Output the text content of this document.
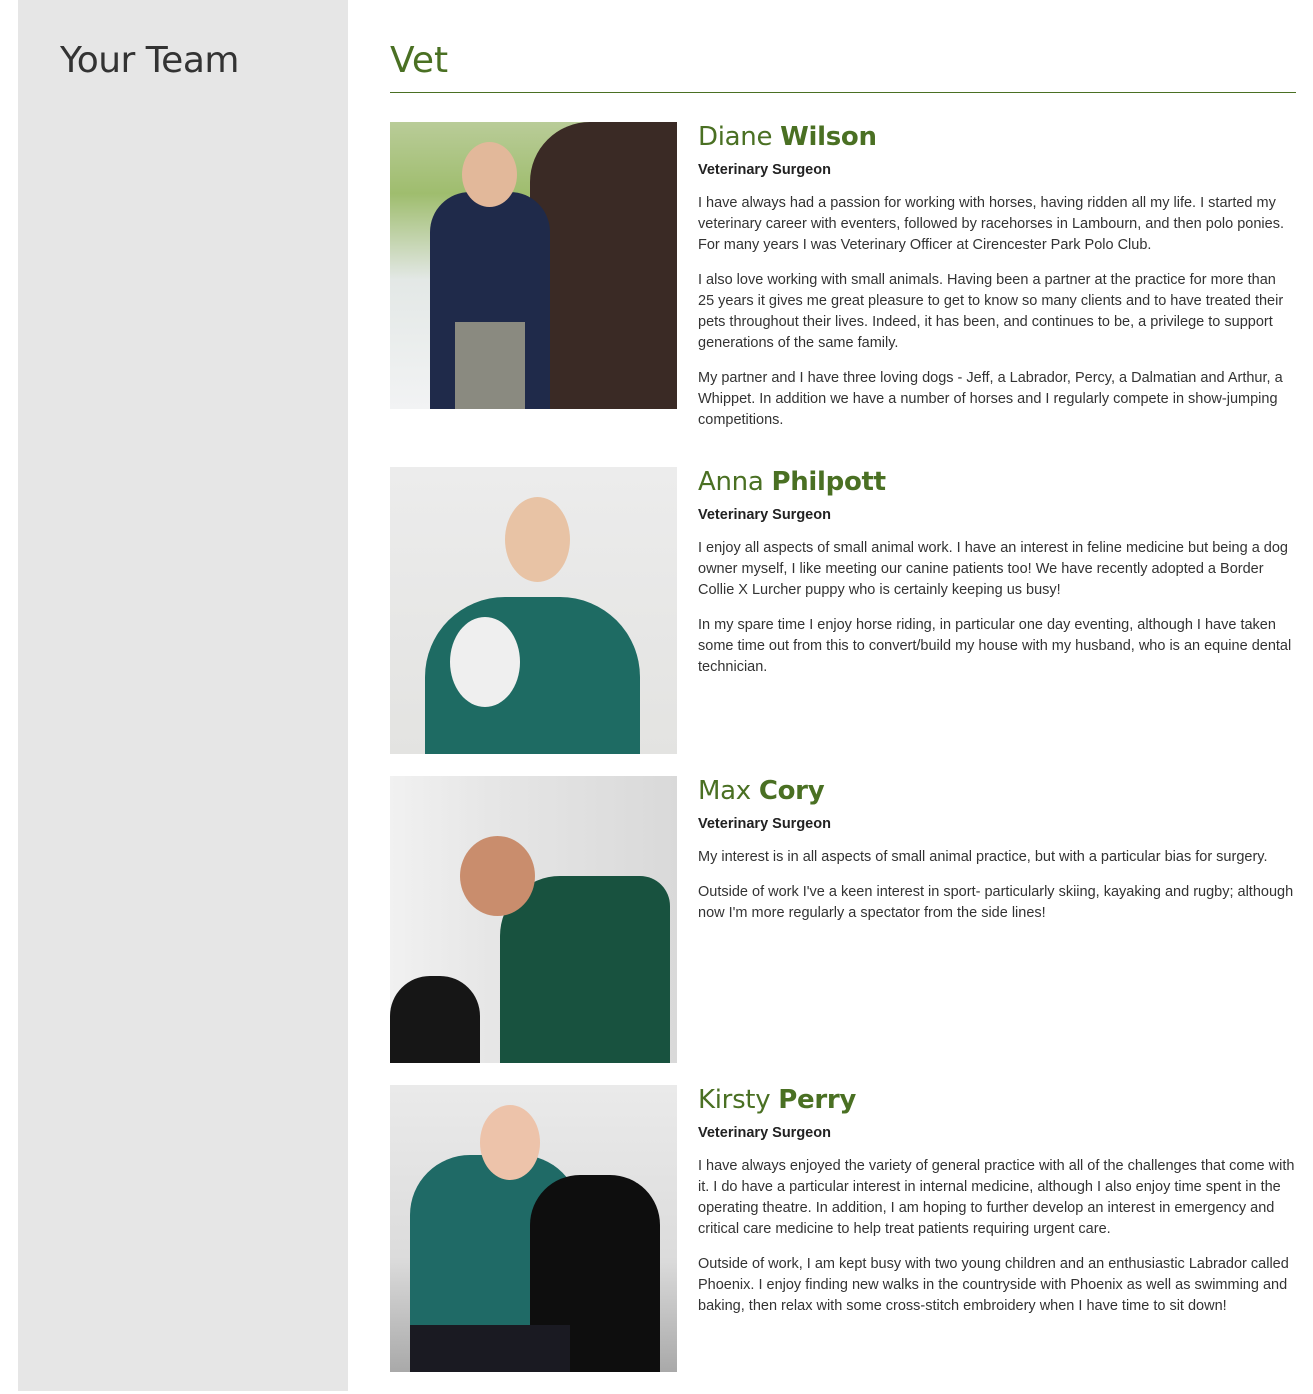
Your Team	Vet
Diane Wilson
Veterinary Surgeon

I have always had a passion for working with horses, having ridden all my life. I started my veterinary career with eventers, followed by racehorses in Lambourn, and then polo ponies. For many years I was Veterinary Officer at Cirencester Park Polo Club.

I also love working with small animals. Having been a partner at the practice for more than 25 years it gives me great pleasure to get to know so many clients and to have treated their pets throughout their lives. Indeed, it has been, and continues to be, a privilege to support generations of the same family.

My partner and I have three loving dogs - Jeff, a Labrador, Percy, a Dalmatian and Arthur, a Whippet. In addition we have a number of horses and I regularly compete in show-jumping competitions.

Anna Philpott
Veterinary Surgeon

I enjoy all aspects of small animal work. I have an interest in feline medicine but being a dog owner myself, I like meeting our canine patients too! We have recently adopted a Border Collie X Lurcher puppy who is certainly keeping us busy!

In my spare time I enjoy horse riding, in particular one day eventing, although I have taken some time out from this to convert/build my house with my husband, who is an equine dental technician.

Max Cory
Veterinary Surgeon

My interest is in all aspects of small animal practice, but with a particular bias for surgery.

Outside of work I've a keen interest in sport- particularly skiing, kayaking and rugby; although now I'm more regularly a spectator from the side lines!

Kirsty Perry
Veterinary Surgeon

I have always enjoyed the variety of general practice with all of the challenges that come with it. I do have a particular interest in internal medicine, although I also enjoy time spent in the operating theatre. In addition, I am hoping to further develop an interest in emergency and critical care medicine to help treat patients requiring urgent care.

Outside of work, I am kept busy with two young children and an enthusiastic Labrador called Phoenix. I enjoy finding new walks in the countryside with Phoenix as well as swimming and baking, then relax with some cross-stitch embroidery when I have time to sit down!
